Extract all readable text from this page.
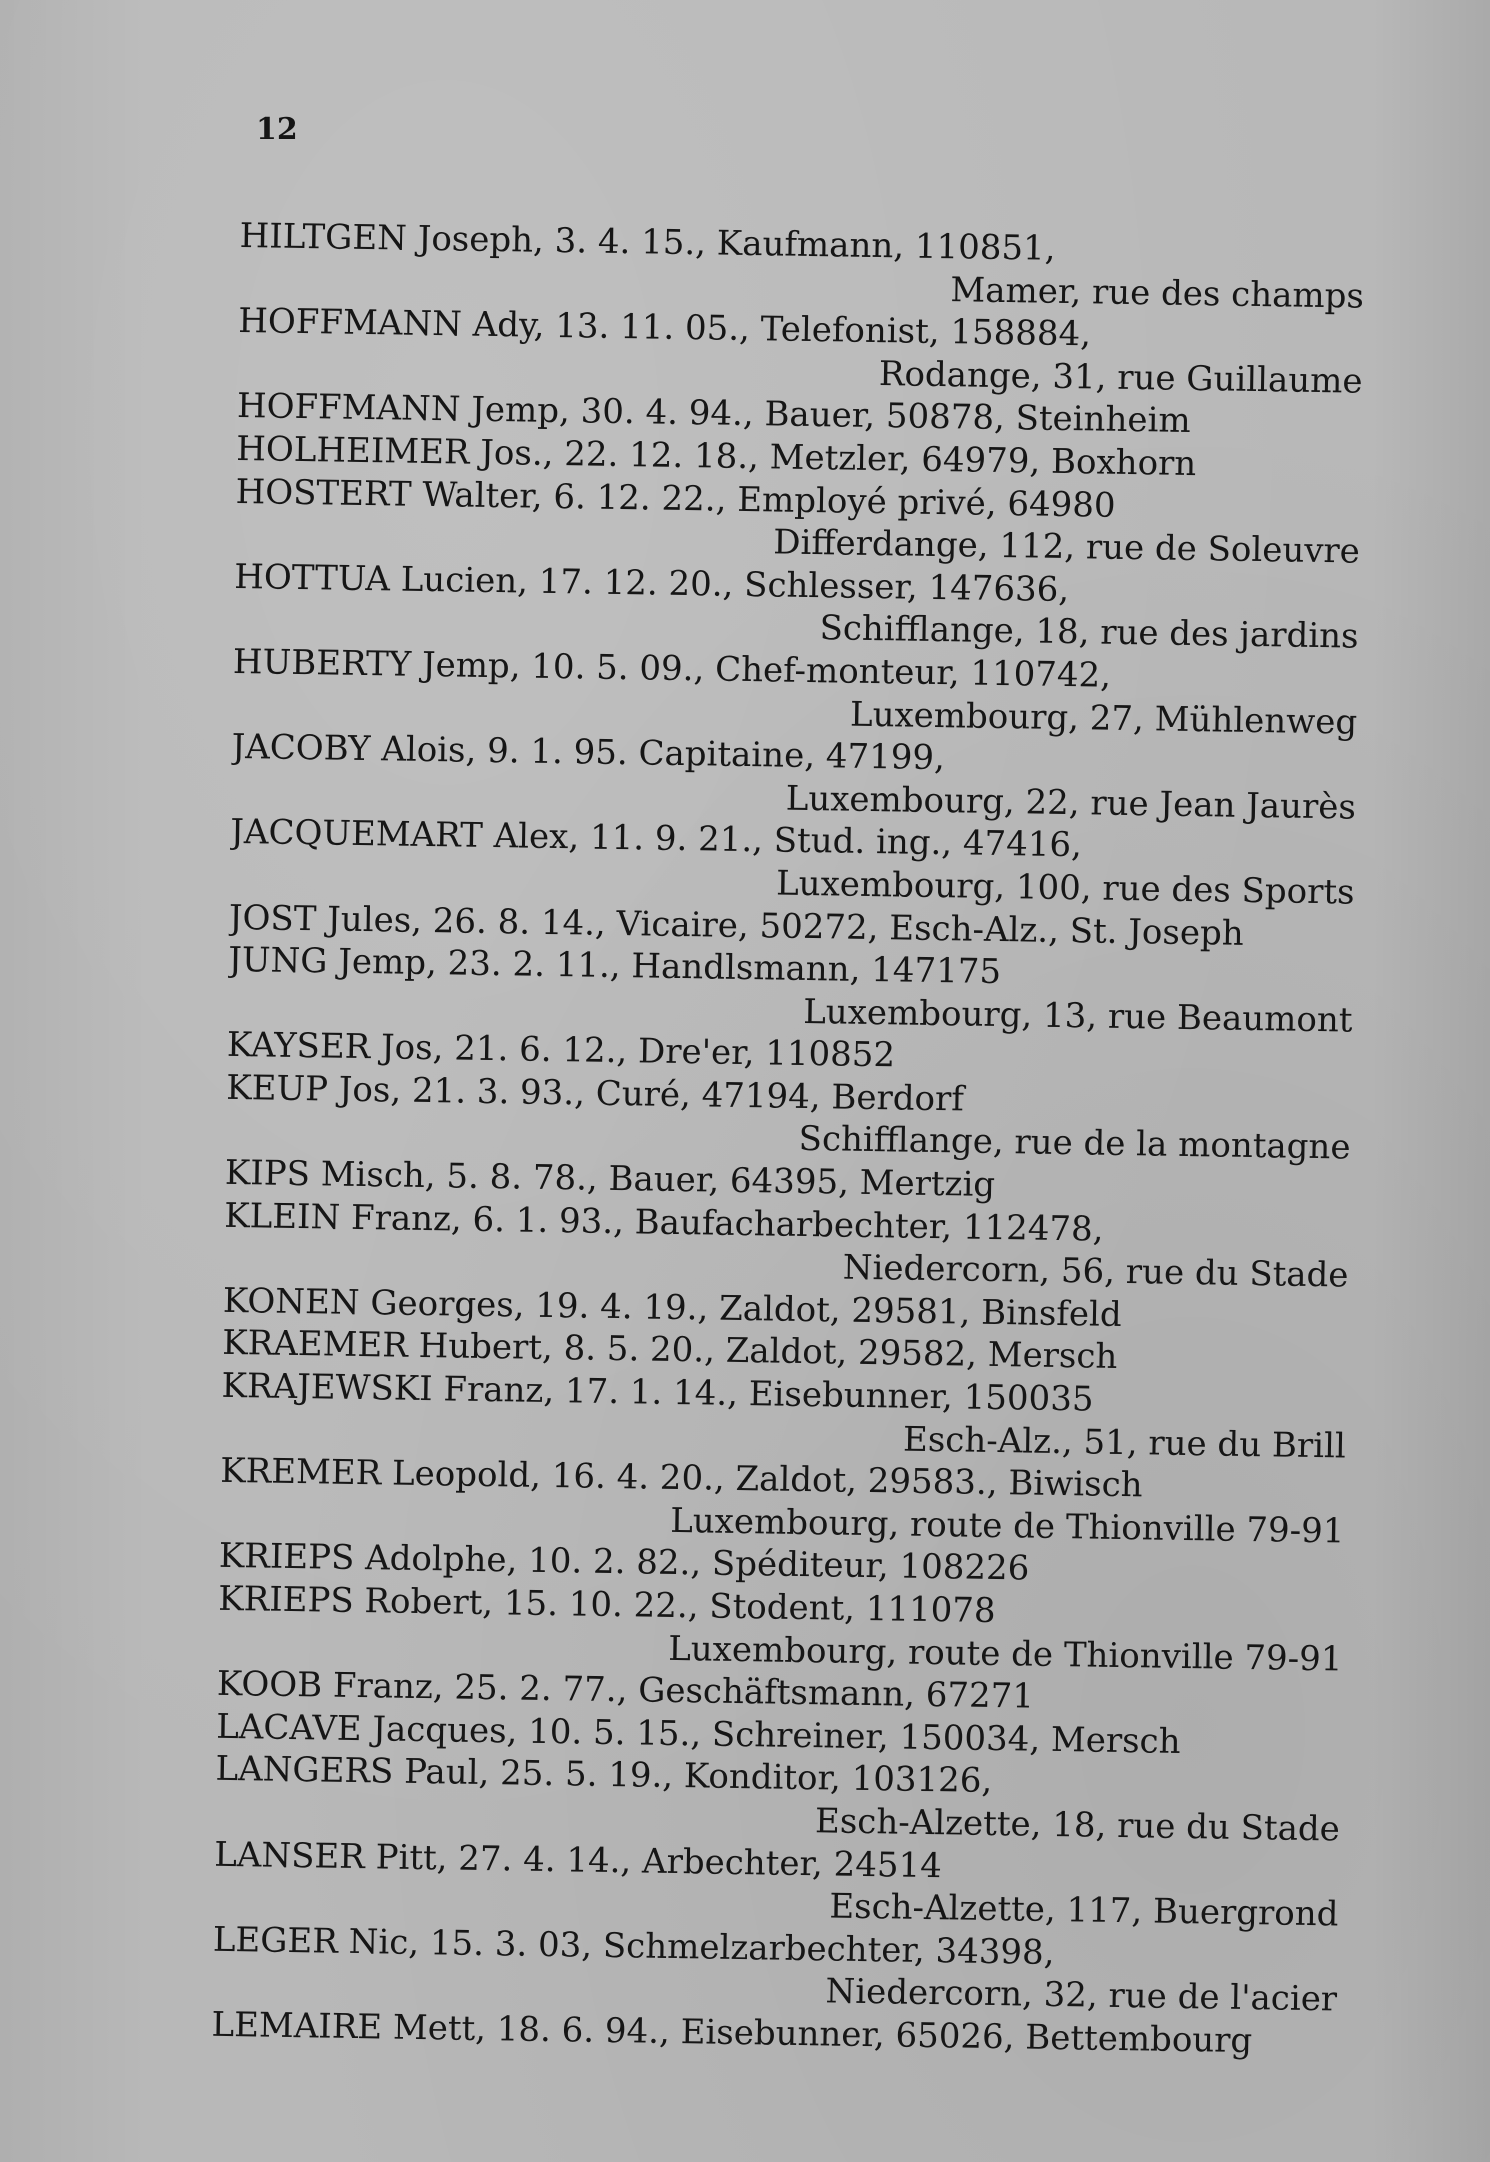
12
HILTGEN Joseph, 3. 4. 15., Kaufmann, 110851,
Mamer, rue des champs
HOFFMANN Ady, 13. 11. 05., Telefonist, 158884,
Rodange, 31, rue Guillaume
HOFFMANN Jemp, 30. 4. 94., Bauer, 50878, Steinheim
HOLHEIMER Jos., 22. 12. 18., Metzler, 64979, Boxhorn
HOSTERT Walter, 6. 12. 22., Employé privé, 64980
Differdange, 112, rue de Soleuvre
HOTTUA Lucien, 17. 12. 20., Schlesser, 147636,
Schifflange, 18, rue des jardins
HUBERTY Jemp, 10. 5. 09., Chef-monteur, 110742,
Luxembourg, 27, Mühlenweg
JACOBY Alois, 9. 1. 95. Capitaine, 47199,
Luxembourg, 22, rue Jean Jaurès
JACQUEMART Alex, 11. 9. 21., Stud. ing., 47416,
Luxembourg, 100, rue des Sports
JOST Jules, 26. 8. 14., Vicaire, 50272, Esch-Alz., St. Joseph
JUNG Jemp, 23. 2. 11., Handlsmann, 147175
Luxembourg, 13, rue Beaumont
KAYSER Jos, 21. 6. 12., Dre'er, 110852
KEUP Jos, 21. 3. 93., Curé, 47194, Berdorf
Schifflange, rue de la montagne
KIPS Misch, 5. 8. 78., Bauer, 64395, Mertzig
KLEIN Franz, 6. 1. 93., Baufacharbechter, 112478,
Niedercorn, 56, rue du Stade
KONEN Georges, 19. 4. 19., Zaldot, 29581, Binsfeld
KRAEMER Hubert, 8. 5. 20., Zaldot, 29582, Mersch
KRAJEWSKI Franz, 17. 1. 14., Eisebunner, 150035
Esch-Alz., 51, rue du Brill
KREMER Leopold, 16. 4. 20., Zaldot, 29583., Biwisch
Luxembourg, route de Thionville 79-91
KRIEPS Adolphe, 10. 2. 82., Spéditeur, 108226
KRIEPS Robert, 15. 10. 22., Stodent, 111078
Luxembourg, route de Thionville 79-91
KOOB Franz, 25. 2. 77., Geschäftsmann, 67271
LACAVE Jacques, 10. 5. 15., Schreiner, 150034, Mersch
LANGERS Paul, 25. 5. 19., Konditor, 103126,
Esch-Alzette, 18, rue du Stade
LANSER Pitt, 27. 4. 14., Arbechter, 24514
Esch-Alzette, 117, Buergrond
LEGER Nic, 15. 3. 03, Schmelzarbechter, 34398,
Niedercorn, 32, rue de l'acier
LEMAIRE Mett, 18. 6. 94., Eisebunner, 65026, Bettembourg
